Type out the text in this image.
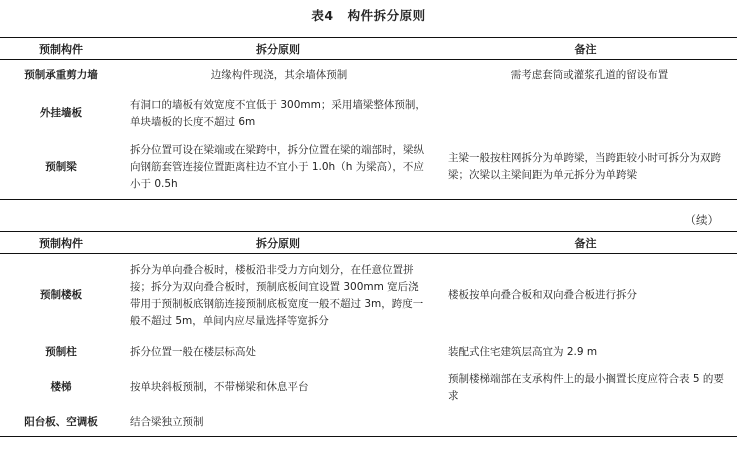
表4 构件拆分原则
预制构件	拆分原则	备注
预制承重剪力墙	边缘构件现浇，其余墙体预制	需考虑套筒或灌浆孔道的留设布置
外挂墙板	有洞口的墙板有效宽度不宜低于 300mm；采用墙梁整体预制，单块墙板的长度不超过 6m	
预制梁	拆分位置可设在梁端或在梁跨中，拆分位置在梁的端部时，梁纵向钢筋套管连接位置距离柱边不宜小于 1.0h（h 为梁高），不应小于 0.5h	主梁一般按柱网拆分为单跨梁，当跨距较小时可拆分为双跨梁；次梁以主梁间距为单元拆分为单跨梁
（续）
预制构件	拆分原则	备注
预制楼板	拆分为单向叠合板时，楼板沿非受力方向划分，在任意位置拼接；拆分为双向叠合板时，预制底板间宜设置 300mm 宽后浇带用于预制板底钢筋连接预制底板宽度一般不超过 3m，跨度一般不超过 5m，单间内应尽量选择等宽拆分	楼板按单向叠合板和双向叠合板进行拆分
预制柱	拆分位置一般在楼层标高处	装配式住宅建筑层高宜为 2.9 m
楼梯	按单块斜板预制，不带梯梁和休息平台	预制楼梯端部在支承构件上的最小搁置长度应符合表 5 的要求
阳台板、空调板	结合梁独立预制	
